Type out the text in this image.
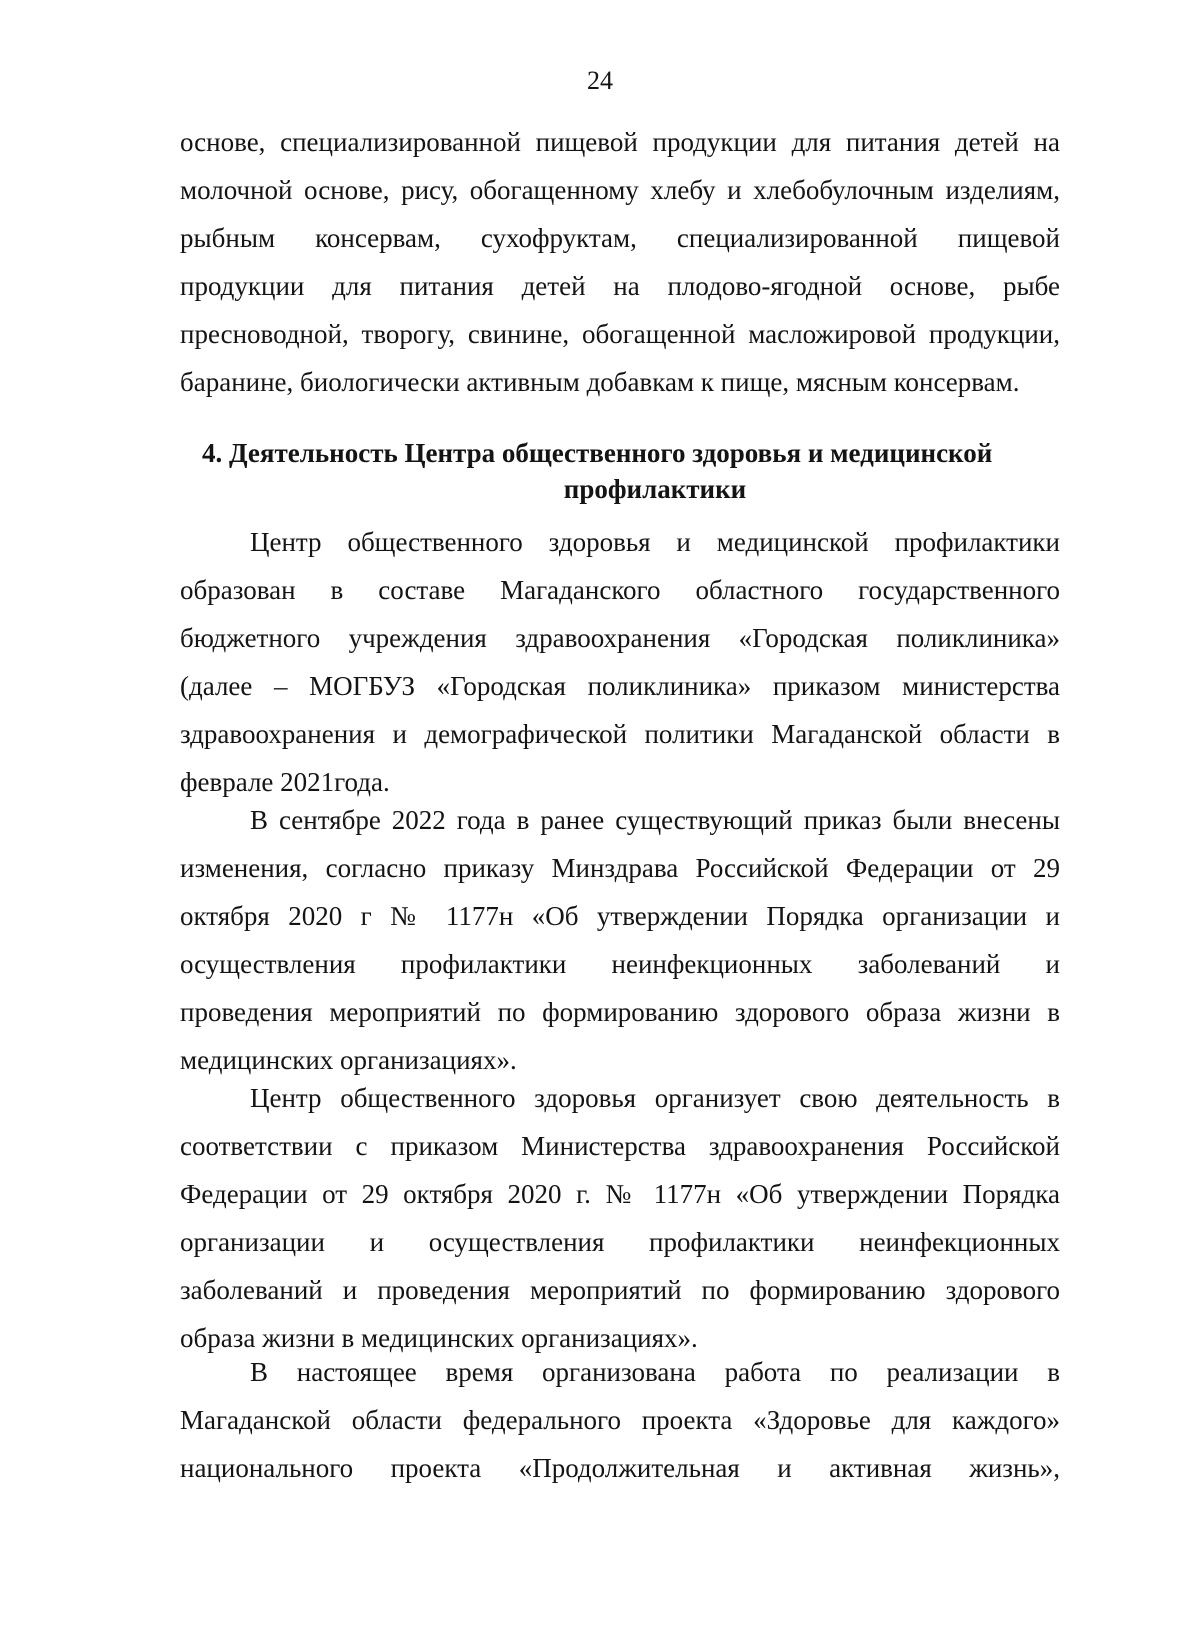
24
основе, специализированной пищевой продукции для питания детей на
молочной основе, рису, обогащенному хлебу и хлебобулочным изделиям,
рыбным консервам, сухофруктам, специализированной пищевой
продукции для питания детей на плодово-ягодной основе, рыбе
пресноводной, творогу, свинине, обогащенной масложировой продукции,
баранине, биологически активным добавкам к пище, мясным консервам.
4. Деятельность Центра общественного здоровья и медицинской
профилактики
Центр общественного здоровья и медицинской профилактики
образован в составе Магаданского областного государственного
бюджетного учреждения здравоохранения «Городская поликлиника»
(далее – МОГБУЗ «Городская поликлиника» приказом министерства
здравоохранения и демографической политики Магаданской области в
феврале 2021года.
В сентябре 2022 года в ранее существующий приказ были внесены
изменения, согласно приказу Минздрава Российской Федерации от 29
октября 2020 г № 1177н «Об утверждении Порядка организации и
осуществления профилактики неинфекционных заболеваний и
проведения мероприятий по формированию здорового образа жизни в
медицинских организациях».
Центр общественного здоровья организует свою деятельность в
соответствии с приказом Министерства здравоохранения Российской
Федерации от 29 октября 2020 г. № 1177н «Об утверждении Порядка
организации и осуществления профилактики неинфекционных
заболеваний и проведения мероприятий по формированию здорового
образа жизни в медицинских организациях».
В настоящее время организована работа по реализации в
Магаданской области федерального проекта «Здоровье для каждого»
национального проекта «Продолжительная и активная жизнь»,
